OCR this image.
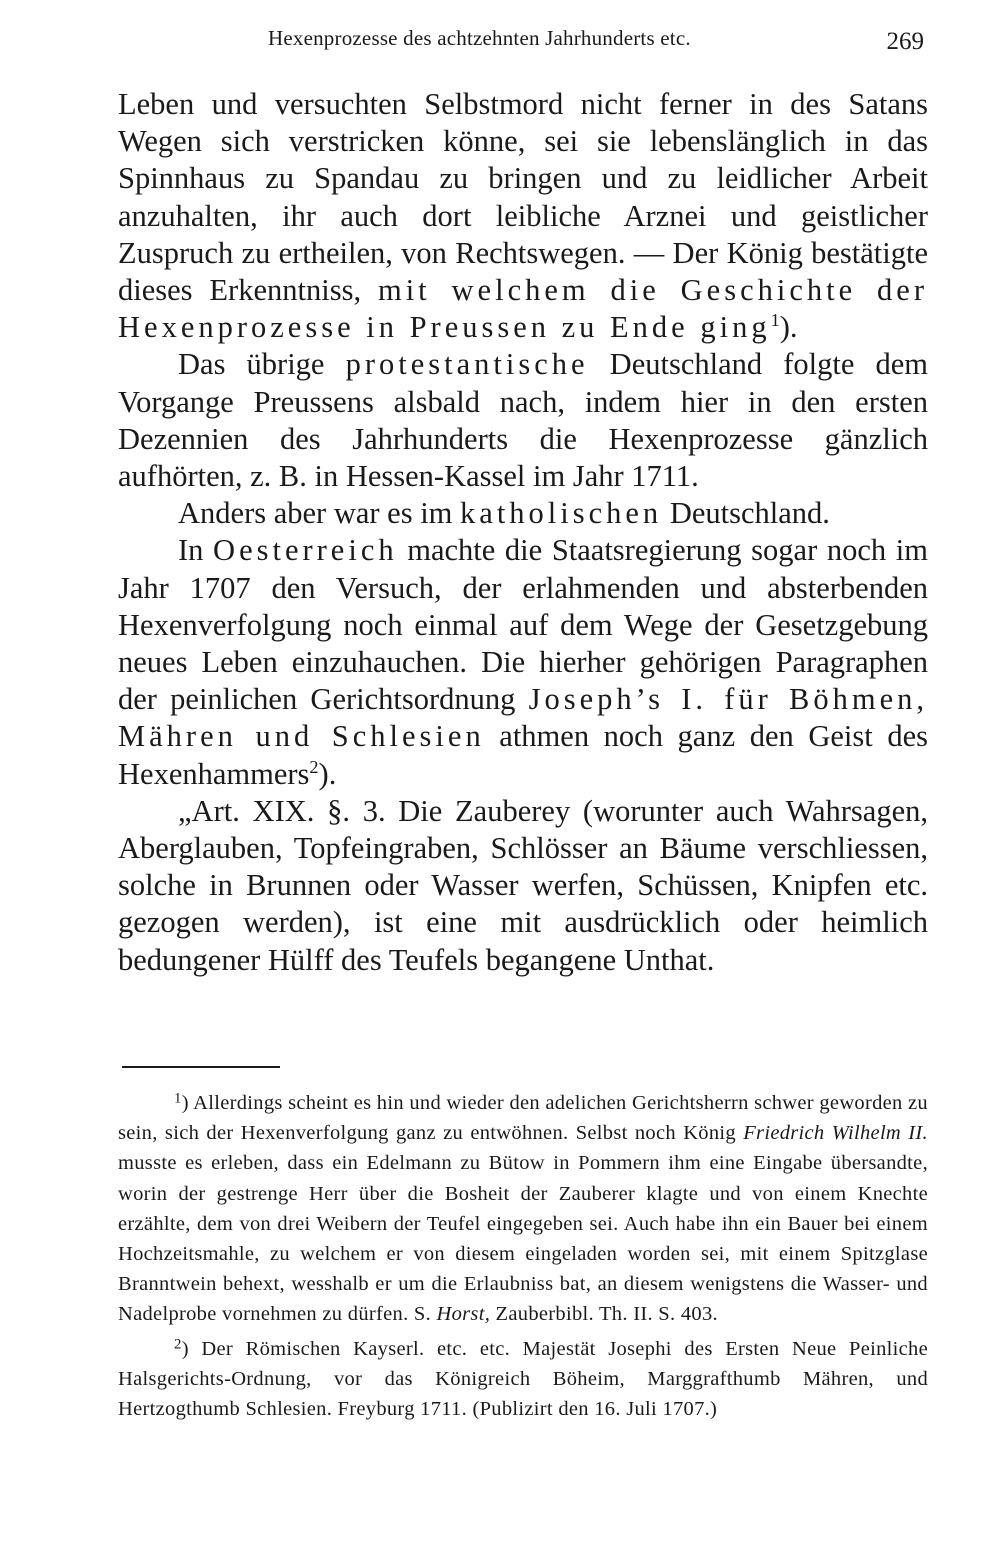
Hexenprozesse des achtzehnten Jahrhunderts etc.	269

Leben und versuchten Selbstmord nicht ferner in des Satans Wegen sich verstricken könne, sei sie lebenslänglich in das Spinnhaus zu Spandau zu bringen und zu leidlicher Arbeit anzuhalten, ihr auch dort leibliche Arznei und geistlicher Zuspruch zu ertheilen, von Rechtswegen. — Der König bestätigte dieses Erkenntniss, mit welchem die Geschichte der Hexenprozesse in Preussen zu Ende ging$^1$).

Das übrige protestantische Deutschland folgte dem Vorgange Preussens alsbald nach, indem hier in den ersten Dezennien des Jahrhunderts die Hexenprozesse gänzlich aufhörten, z. B. in Hessen-Kassel im Jahr 1711.

Anders aber war es im katholischen Deutschland.

In Oesterreich machte die Staatsregierung sogar noch im Jahr 1707 den Versuch, der erlahmenden und absterbenden Hexenverfolgung noch einmal auf dem Wege der Gesetzgebung neues Leben einzuhauchen. Die hierher gehörigen Paragraphen der peinlichen Gerichtsordnung Joseph’s I. für Böhmen, Mähren und Schlesien athmen noch ganz den Geist des Hexenhammers$^2$).

„Art. XIX. §. 3. Die Zauberey (worunter auch Wahrsagen, Aberglauben, Topfeingraben, Schlösser an Bäume verschliessen, solche in Brunnen oder Wasser werfen, Schüssen, Knipfen etc. gezogen werden), ist eine mit ausdrücklich oder heimlich bedungener Hülff des Teufels begangene Unthat.

$^1$) Allerdings scheint es hin und wieder den adelichen Gerichtsherrn schwer geworden zu sein, sich der Hexenverfolgung ganz zu entwöhnen. Selbst noch König Friedrich Wilhelm II. musste es erleben, dass ein Edelmann zu Bütow in Pommern ihm eine Eingabe übersandte, worin der gestrenge Herr über die Bosheit der Zauberer klagte und von einem Knechte erzählte, dem von drei Weibern der Teufel eingegeben sei. Auch habe ihn ein Bauer bei einem Hochzeitsmahle, zu welchem er von diesem eingeladen worden sei, mit einem Spitzglase Branntwein behext, wesshalb er um die Erlaubniss bat, an diesem wenigstens die Wasser- und Nadelprobe vornehmen zu dürfen. S. Horst, Zauberbibl. Th. II. S. 403.

$^2$) Der Römischen Kayserl. etc. etc. Majestät Josephi des Ersten Neue Peinliche Halsgerichts-Ordnung, vor das Königreich Böheim, Marggrafthumb Mähren, und Hertzogthumb Schlesien. Freyburg 1711. (Publizirt den 16. Juli 1707.)
